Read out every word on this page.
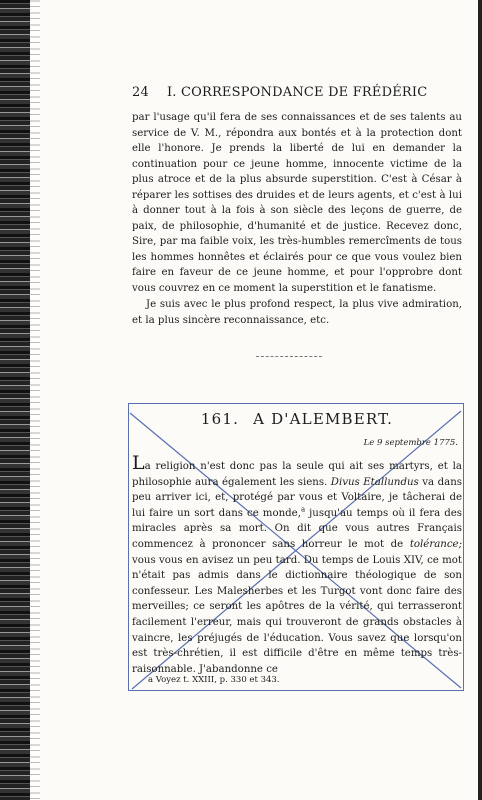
24 I. CORRESPONDANCE DE FRÉDÉRIC

par l'usage qu'il fera de ses connaissances et de ses talents au service de V. M., répondra aux bontés et à la protection dont elle l'honore. Je prends la liberté de lui en demander la continuation pour ce jeune homme, innocente victime de la plus atroce et de la plus absurde superstition. C'est à César à réparer les sottises des druides et de leurs agents, et c'est à lui à donner tout à la fois à son siècle des leçons de guerre, de paix, de philosophie, d'humanité et de justice. Recevez donc, Sire, par ma faible voix, les très-humbles remercîments de tous les hommes honnêtes et éclairés pour ce que vous voulez bien faire en faveur de ce jeune homme, et pour l'opprobre dont vous couvrez en ce moment la superstition et le fanatisme.

Je suis avec le plus profond respect, la plus vive admiration, et la plus sincère reconnaissance, etc.

161. A D'ALEMBERT.
Le 9 septembre 1775.

La religion n'est donc pas la seule qui ait ses martyrs, et la philosophie aura également les siens. Divus Etallundus va dans peu arriver ici, et, protégé par vous et Voltaire, je tâcherai de lui faire un sort dans ce monde,$^a$ jusqu'au temps où il fera des miracles après sa mort. On dit que vous autres Français commencez à prononcer sans horreur le mot de tolérance; vous vous en avisez un peu tard. Du temps de Louis XIV, ce mot n'était pas admis dans le dictionnaire théologique de son confesseur. Les Malesherbes et les Turgot vont donc faire des merveilles; ce seront les apôtres de la vérité, qui terrasseront facilement l'erreur, mais qui trouveront de grands obstacles à vaincre, les préjugés de l'éducation. Vous savez que lorsqu'on est très-chrétien, il est difficile d'être en même temps très-raisonnable. J'abandonne ce

a Voyez t. XXIII, p. 330 et 343.
